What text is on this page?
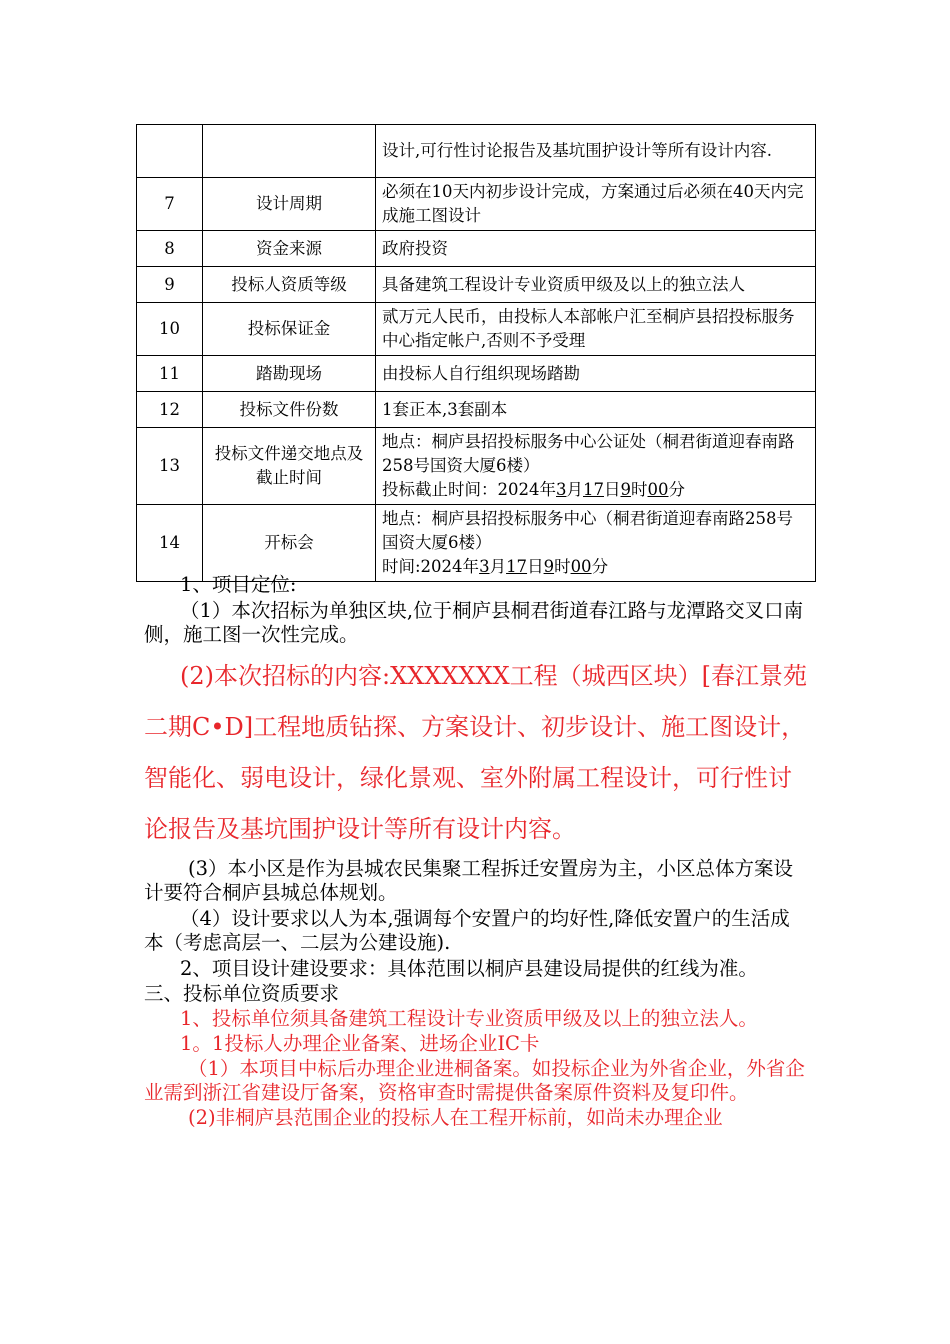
		设计,可行性讨论报告及基坑围护设计等所有设计内容.
7	设计周期	必须在10天内初步设计完成，方案通过后必须在40天内完成施工图设计
8	资金来源	政府投资
9	投标人资质等级	具备建筑工程设计专业资质甲级及以上的独立法人
10	投标保证金	贰万元人民币，由投标人本部帐户汇至桐庐县招投标服务中心指定帐户,否则不予受理
11	踏勘现场	由投标人自行组织现场踏勘
12	投标文件份数	1套正本,3套副本
13	投标文件递交地点及截止时间	地点：桐庐县招投标服务中心公证处（桐君街道迎春南路258号国资大厦6楼）
投标截止时间：2024年3月17日9时00分

14	开标会	地点：桐庐县招投标服务中心（桐君街道迎春南路258号国资大厦6楼）
时间:2024年3月17日9时00分

1、项目定位:

（1）本次招标为单独区块,位于桐庐县桐君街道春江路与龙潭路交叉口南侧，施工图一次性完成。

(2)本次招标的内容:XXXXXXX工程（城西区块）[春江景苑二期C•D]工程地质钻探、方案设计、初步设计、施工图设计，智能化、弱电设计，绿化景观、室外附属工程设计，可行性讨论报告及基坑围护设计等所有设计内容。

(3）本小区是作为县城农民集聚工程拆迁安置房为主，小区总体方案设计要符合桐庐县城总体规划。

（4）设计要求以人为本,强调每个安置户的均好性,降低安置户的生活成本（考虑高层一、二层为公建设施).

2、项目设计建设要求：具体范围以桐庐县建设局提供的红线为准。

三、投标单位资质要求

1、投标单位须具备建筑工程设计专业资质甲级及以上的独立法人。

1。1投标人办理企业备案、进场企业IC卡

（1）本项目中标后办理企业进桐备案。如投标企业为外省企业，外省企业需到浙江省建设厅备案，资格审查时需提供备案原件资料及复印件。

(2)非桐庐县范围企业的投标人在工程开标前，如尚未办理企业
